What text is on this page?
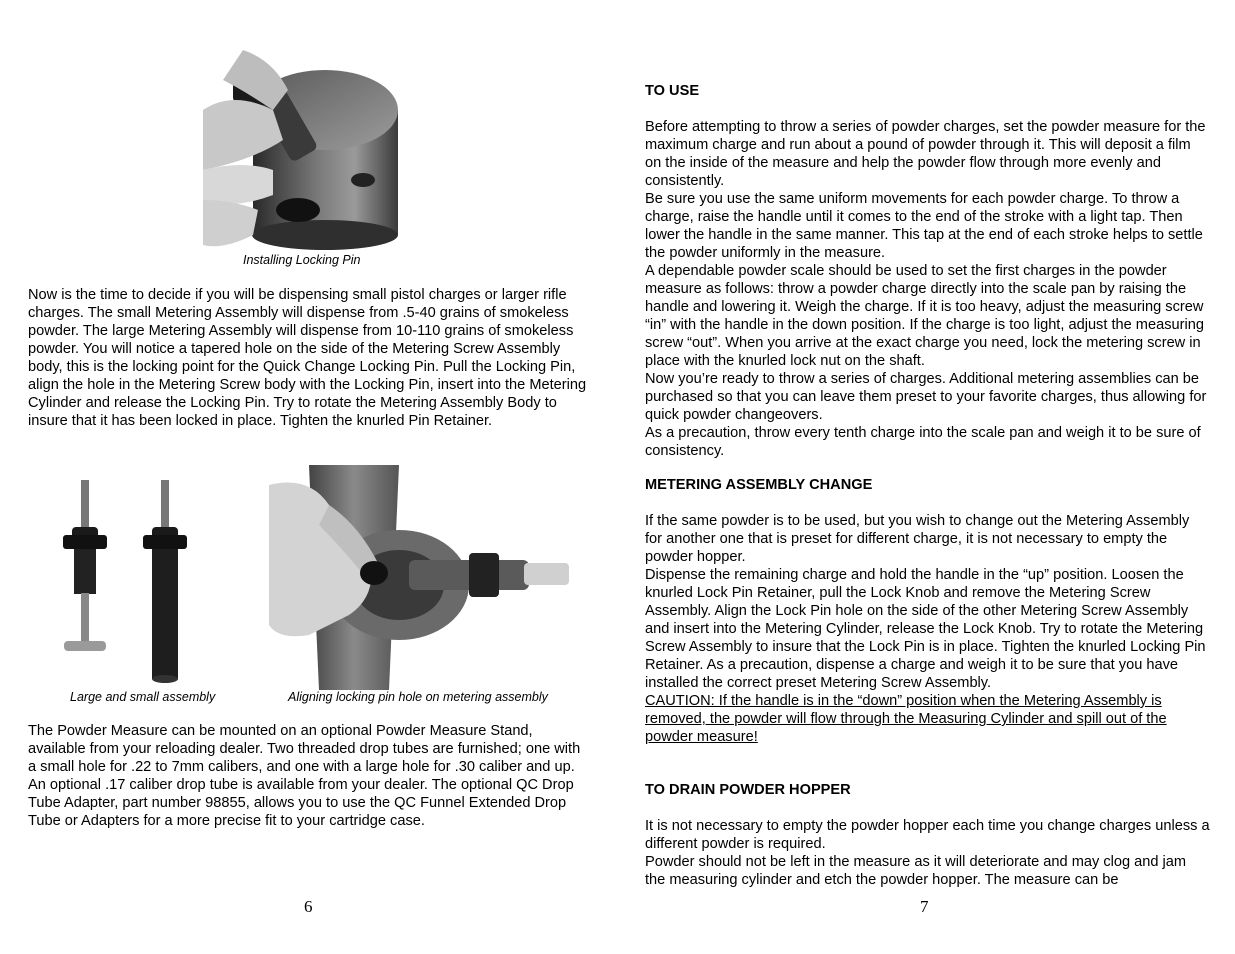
Installing Locking Pin

Now is the time to decide if you will be dispensing small pistol charges or larger rifle charges. The small Metering Assembly will dispense from .5-40 grains of smokeless powder. The large Metering Assembly will dispense from 10-110 grains of smokeless powder. You will notice a tapered hole on the side of the Metering Screw Assembly body, this is the locking point for the Quick Change Locking Pin. Pull the Locking Pin, align the hole in the Metering Screw body with the Locking Pin, insert into the Metering Cylinder and release the Locking Pin. Try to rotate the Metering Assembly Body to insure that it has been locked in place. Tighten the knurled Pin Retainer.

Large and small assembly	Aligning locking pin hole on metering assembly

The Powder Measure can be mounted on an optional Powder Measure Stand, available from your reloading dealer. Two threaded drop tubes are furnished; one with a small hole for .22 to 7mm calibers, and one with a large hole for .30 caliber and up. An optional .17 caliber drop tube is available from your dealer. The optional QC Drop Tube Adapter, part number 98855, allows you to use the QC Funnel Extended Drop Tube or Adapters for a more precise fit to your cartridge case.

6

TO USE

Before attempting to throw a series of powder charges, set the powder measure for the maximum charge and run about a pound of powder through it. This will deposit a film on the inside of the measure and help the powder flow through more evenly and consistently.
Be sure you use the same uniform movements for each powder charge. To throw a charge, raise the handle until it comes to the end of the stroke with a light tap. Then lower the handle in the same manner. This tap at the end of each stroke helps to settle the powder uniformly in the measure.
A dependable powder scale should be used to set the first charges in the powder measure as follows: throw a powder charge directly into the scale pan by raising the handle and lowering it. Weigh the charge. If it is too heavy, adjust the measuring screw “in” with the handle in the down position. If the charge is too light, adjust the measuring screw “out”. When you arrive at the exact charge you need, lock the metering screw in place with the knurled lock nut on the shaft.
Now you’re ready to throw a series of charges. Additional metering assemblies can be purchased so that you can leave them preset to your favorite charges, thus allowing for quick powder changeovers.
As a precaution, throw every tenth charge into the scale pan and weigh it to be sure of consistency.

METERING ASSEMBLY CHANGE

If the same powder is to be used, but you wish to change out the Metering Assembly for another one that is preset for different charge, it is not necessary to empty the powder hopper.
Dispense the remaining charge and hold the handle in the “up” position. Loosen the knurled Lock Pin Retainer, pull the Lock Knob and remove the Metering Screw Assembly. Align the Lock Pin hole on the side of the other Metering Screw Assembly and insert into the Metering Cylinder, release the Lock Knob. Try to rotate the Metering Screw Assembly to insure that the Lock Pin is in place. Tighten the knurled Locking Pin Retainer. As a precaution, dispense a charge and weigh it to be sure that you have installed the correct preset Metering Screw Assembly.
CAUTION: If the handle is in the “down” position when the Metering Assembly is removed, the powder will flow through the Measuring Cylinder and spill out of the powder measure!

TO DRAIN POWDER HOPPER

It is not necessary to empty the powder hopper each time you change charges unless a different powder is required.
Powder should not be left in the measure as it will deteriorate and may clog and jam the measuring cylinder and etch the powder hopper. The measure can be
7
